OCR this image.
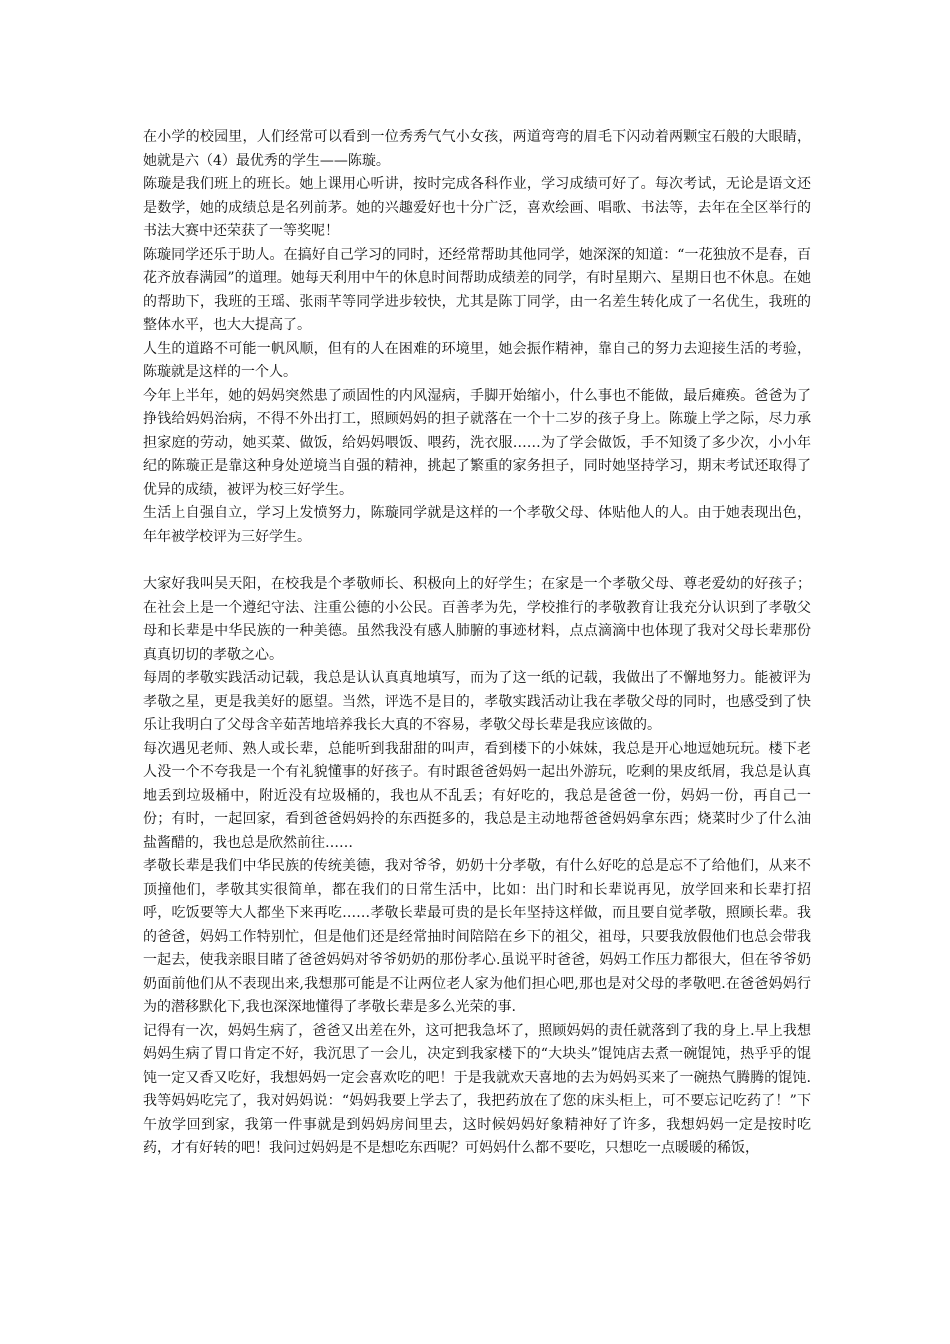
在小学的校园里，人们经常可以看到一位秀秀气气小女孩，两道弯弯的眉毛下闪动着两颗宝石般的大眼睛，她就是六（4）最优秀的学生——陈璇。

陈璇是我们班上的班长。她上课用心听讲，按时完成各科作业，学习成绩可好了。每次考试，无论是语文还是数学，她的成绩总是名列前茅。她的兴趣爱好也十分广泛，喜欢绘画、唱歌、书法等，去年在全区举行的书法大赛中还荣获了一等奖呢！

陈璇同学还乐于助人。在搞好自己学习的同时，还经常帮助其他同学，她深深的知道：“一花独放不是春，百花齐放春满园”的道理。她每天利用中午的休息时间帮助成绩差的同学，有时星期六、星期日也不休息。在她的帮助下，我班的王瑶、张雨芊等同学进步较快，尤其是陈丁同学，由一名差生转化成了一名优生，我班的整体水平，也大大提高了。

人生的道路不可能一帆风顺，但有的人在困难的环境里，她会振作精神，靠自己的努力去迎接生活的考验，陈璇就是这样的一个人。

今年上半年，她的妈妈突然患了顽固性的内风湿病，手脚开始缩小，什么事也不能做，最后瘫痪。爸爸为了挣钱给妈妈治病，不得不外出打工，照顾妈妈的担子就落在一个十二岁的孩子身上。陈璇上学之际，尽力承担家庭的劳动，她买菜、做饭，给妈妈喂饭、喂药，洗衣服……为了学会做饭，手不知烫了多少次，小小年纪的陈璇正是靠这种身处逆境当自强的精神，挑起了繁重的家务担子，同时她坚持学习，期末考试还取得了优异的成绩，被评为校三好学生。

生活上自强自立，学习上发愤努力，陈璇同学就是这样的一个孝敬父母、体贴他人的人。由于她表现出色，年年被学校评为三好学生。

大家好我叫吴天阳，在校我是个孝敬师长、积极向上的好学生；在家是一个孝敬父母、尊老爱幼的好孩子；在社会上是一个遵纪守法、注重公德的小公民。百善孝为先，学校推行的孝敬教育让我充分认识到了孝敬父母和长辈是中华民族的一种美德。虽然我没有感人肺腑的事迹材料，点点滴滴中也体现了我对父母长辈那份真真切切的孝敬之心。

每周的孝敬实践活动记载，我总是认认真真地填写，而为了这一纸的记载，我做出了不懈地努力。能被评为孝敬之星，更是我美好的愿望。当然，评选不是目的，孝敬实践活动让我在孝敬父母的同时，也感受到了快乐让我明白了父母含辛茹苦地培养我长大真的不容易，孝敬父母长辈是我应该做的。

每次遇见老师、熟人或长辈，总能听到我甜甜的叫声，看到楼下的小妹妹，我总是开心地逗她玩玩。楼下老人没一个不夸我是一个有礼貌懂事的好孩子。有时跟爸爸妈妈一起出外游玩，吃剩的果皮纸屑，我总是认真地丢到垃圾桶中，附近没有垃圾桶的，我也从不乱丢；有好吃的，我总是爸爸一份，妈妈一份，再自己一份；有时，一起回家，看到爸爸妈妈拎的东西挺多的，我总是主动地帮爸爸妈妈拿东西；烧菜时少了什么油盐酱醋的，我也总是欣然前往……

孝敬长辈是我们中华民族的传统美德，我对爷爷，奶奶十分孝敬，有什么好吃的总是忘不了给他们，从来不顶撞他们，孝敬其实很简单，都在我们的日常生活中，比如：出门时和长辈说再见，放学回来和长辈打招呼，吃饭要等大人都坐下来再吃……孝敬长辈最可贵的是长年坚持这样做，而且要自觉孝敬，照顾长辈。我的爸爸，妈妈工作特别忙，但是他们还是经常抽时间陪陪在乡下的祖父，祖母，只要我放假他们也总会带我一起去，使我亲眼目睹了爸爸妈妈对爷爷奶奶的那份孝心.虽说平时爸爸，妈妈工作压力都很大，但在爷爷奶奶面前他们从不表现出来,我想那可能是不让两位老人家为他们担心吧,那也是对父母的孝敬吧.在爸爸妈妈行为的潜移默化下,我也深深地懂得了孝敬长辈是多么光荣的事.

记得有一次，妈妈生病了，爸爸又出差在外，这可把我急坏了，照顾妈妈的责任就落到了我的身上.早上我想妈妈生病了胃口肯定不好，我沉思了一会儿，决定到我家楼下的“大块头”馄饨店去煮一碗馄饨，热乎乎的馄饨一定又香又吃好，我想妈妈一定会喜欢吃的吧！于是我就欢天喜地的去为妈妈买来了一碗热气腾腾的馄饨.我等妈妈吃完了，我对妈妈说：“妈妈我要上学去了，我把药放在了您的床头柜上，可不要忘记吃药了！”下午放学回到家，我第一件事就是到妈妈房间里去，这时候妈妈好象精神好了许多，我想妈妈一定是按时吃药，才有好转的吧！我问过妈妈是不是想吃东西呢？可妈妈什么都不要吃，只想吃一点暖暖的稀饭，
